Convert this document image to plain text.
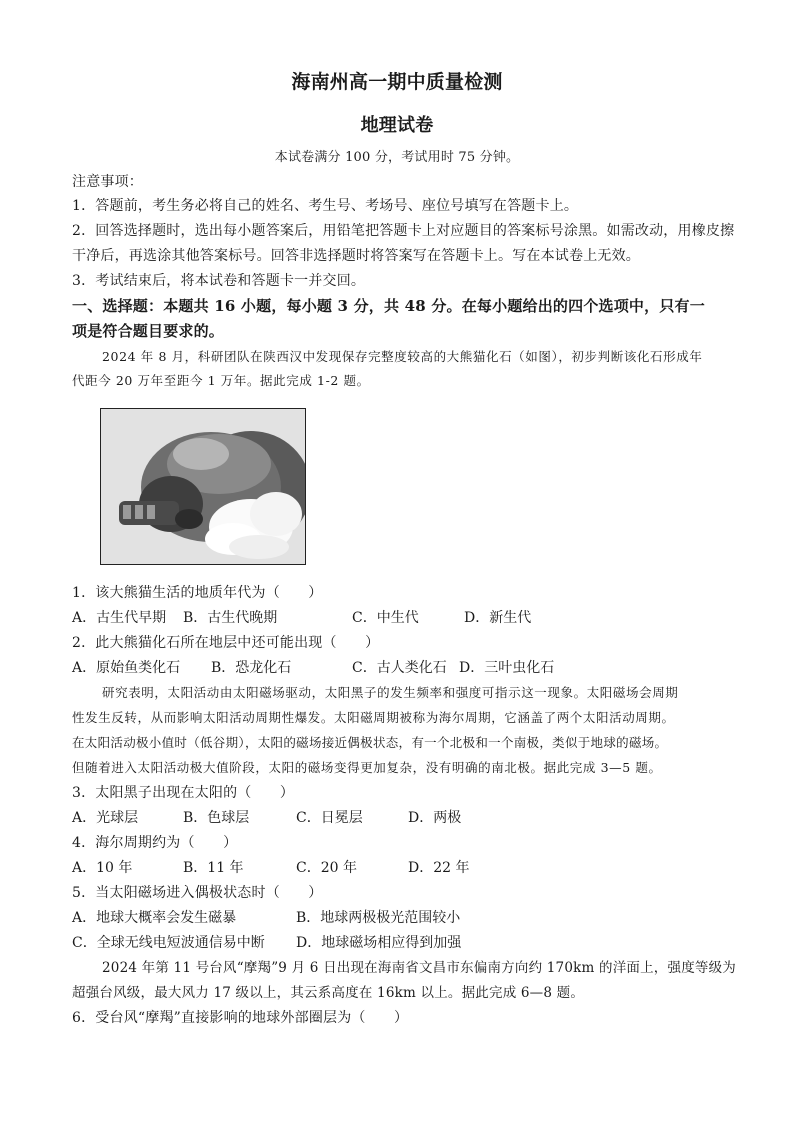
海南州高一期中质量检测
地理试卷
本试卷满分 100 分，考试用时 75 分钟。
注意事项：
1．答题前，考生务必将自己的姓名、考生号、考场号、座位号填写在答题卡上。
2．回答选择题时，选出每小题答案后，用铅笔把答题卡上对应题目的答案标号涂黑。如需改动，用橡皮擦
干净后，再选涂其他答案标号。回答非选择题时将答案写在答题卡上。写在本试卷上无效。
3．考试结束后，将本试卷和答题卡一并交回。
一、选择题：本题共 16 小题，每小题 3 分，共 48 分。在每小题给出的四个选项中，只有一
项是符合题目要求的。
2024 年 8 月，科研团队在陕西汉中发现保存完整度较高的大熊猫化石（如图），初步判断该化石形成年
代距今 20 万年至距今 1 万年。据此完成 1-2 题。
1．该大熊猫生活的地质年代为（　　）
A．古生代早期 B．古生代晚期	C．中生代	D．新生代
2．此大熊猫化石所在地层中还可能出现（　　）
A．原始鱼类化石 B．恐龙化石	C．古人类化石 D．三叶虫化石
研究表明，太阳活动由太阳磁场驱动，太阳黑子的发生频率和强度可指示这一现象。太阳磁场会周期
性发生反转，从而影响太阳活动周期性爆发。太阳磁周期被称为海尔周期，它涵盖了两个太阳活动周期。
在太阳活动极小值时（低谷期），太阳的磁场接近偶极状态，有一个北极和一个南极，类似于地球的磁场。
但随着进入太阳活动极大值阶段，太阳的磁场变得更加复杂，没有明确的南北极。据此完成 3—5 题。
3．太阳黑子出现在太阳的（　　）
A．光球层	B．色球层	C．日冕层	D．两极
4．海尔周期约为（　　）
A．10 年	B．11 年	C．20 年	D．22 年
5．当太阳磁场进入偶极状态时（　　）
A．地球大概率会发生磁暴	B．地球两极极光范围较小
C．全球无线电短波通信易中断 D．地球磁场相应得到加强
2024 年第 11 号台风“摩羯”9 月 6 日出现在海南省文昌市东偏南方向约 170km 的洋面上，强度等级为
超强台风级，最大风力 17 级以上，其云系高度在 16km 以上。据此完成 6—8 题。
6．受台风“摩羯”直接影响的地球外部圈层为（　　）
